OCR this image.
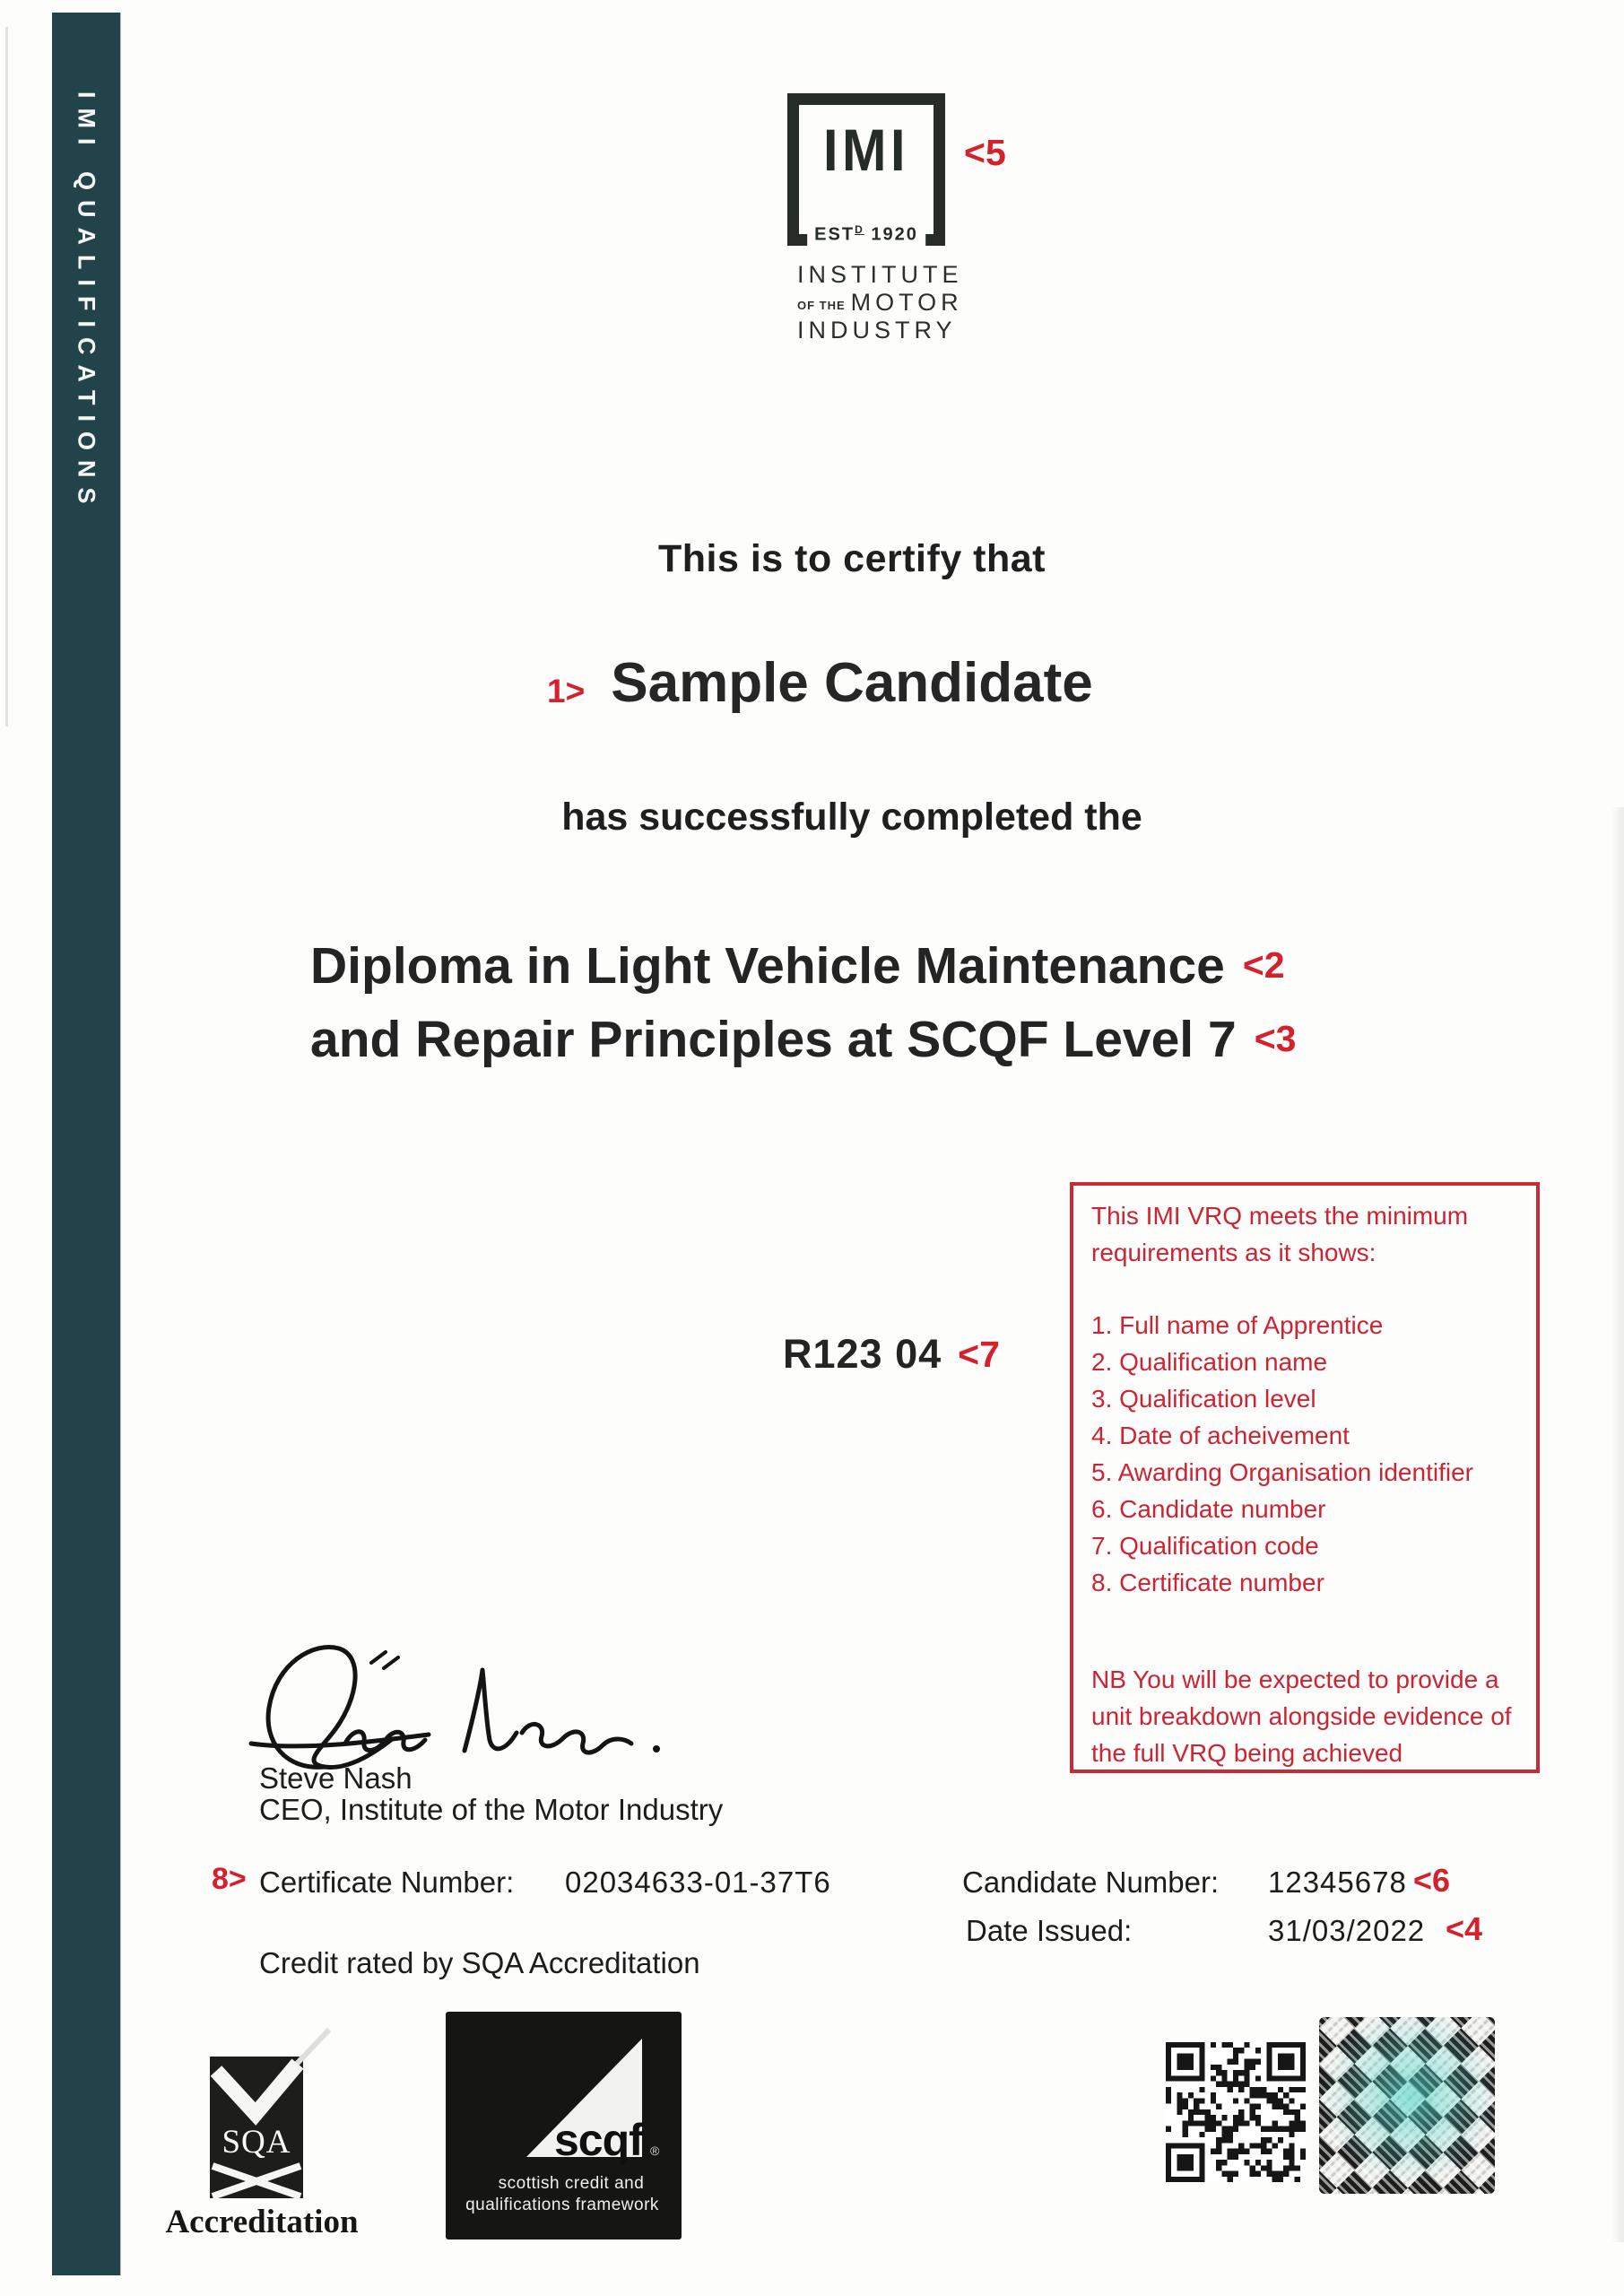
IMI QUALIFICATIONS	IMI
$EST^D$ 1920
INSTITUTE
OF THE MOTOR
INDUSTRY
<5
This is to certify that
1> Sample Candidate
has successfully completed the
Diploma in Light Vehicle Maintenance <2
and Repair Principles at SCQF Level 7 <3
R123 04 <7
This IMI VRQ meets the minimum requirements as it shows:
1. Full name of Apprentice
2. Qualification name
3. Qualification level
4. Date of acheivement
5. Awarding Organisation identifier
6. Candidate number
7. Qualification code
8. Certificate number
NB You will be expected to provide a unit breakdown alongside evidence of the full VRQ being achieved
Steve Nash
CEO, Institute of the Motor Industry
8> Certificate Number: 02034633-01-37T6	Candidate Number: 12345678 <6
Date Issued:	31/03/2022 <4
Credit rated by SQA Accreditation
SQA
Accreditation
scqf ®
scottish credit and
qualifications framework
